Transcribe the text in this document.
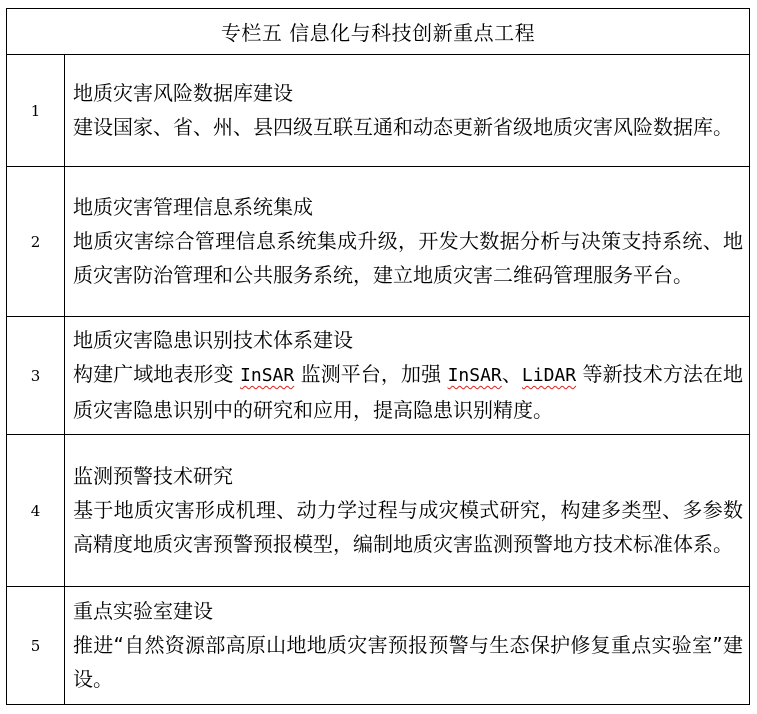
专栏五 信息化与科技创新重点工程	
1	地质灾害风险数据库建设
建设国家、省、州、县四级互联互通和动态更新省级地质灾害风险数据库。

2	地质灾害管理信息系统集成
地质灾害综合管理信息系统集成升级，开发大数据分析与决策支持系统、地质灾害防治管理和公共服务系统，建立地质灾害二维码管理服务平台。

3	地质灾害隐患识别技术体系建设
构建广域地表形变 InSAR 监测平台，加强 InSAR、LiDAR 等新技术方法在地质灾害隐患识别中的研究和应用，提高隐患识别精度。

4	监测预警技术研究
基于地质灾害形成机理、动力学过程与成灾模式研究，构建多类型、多参数高精度地质灾害预警预报模型，编制地质灾害监测预警地方技术标准体系。

5	重点实验室建设
推进“自然资源部高原山地地质灾害预报预警与生态保护修复重点实验室”建设。
